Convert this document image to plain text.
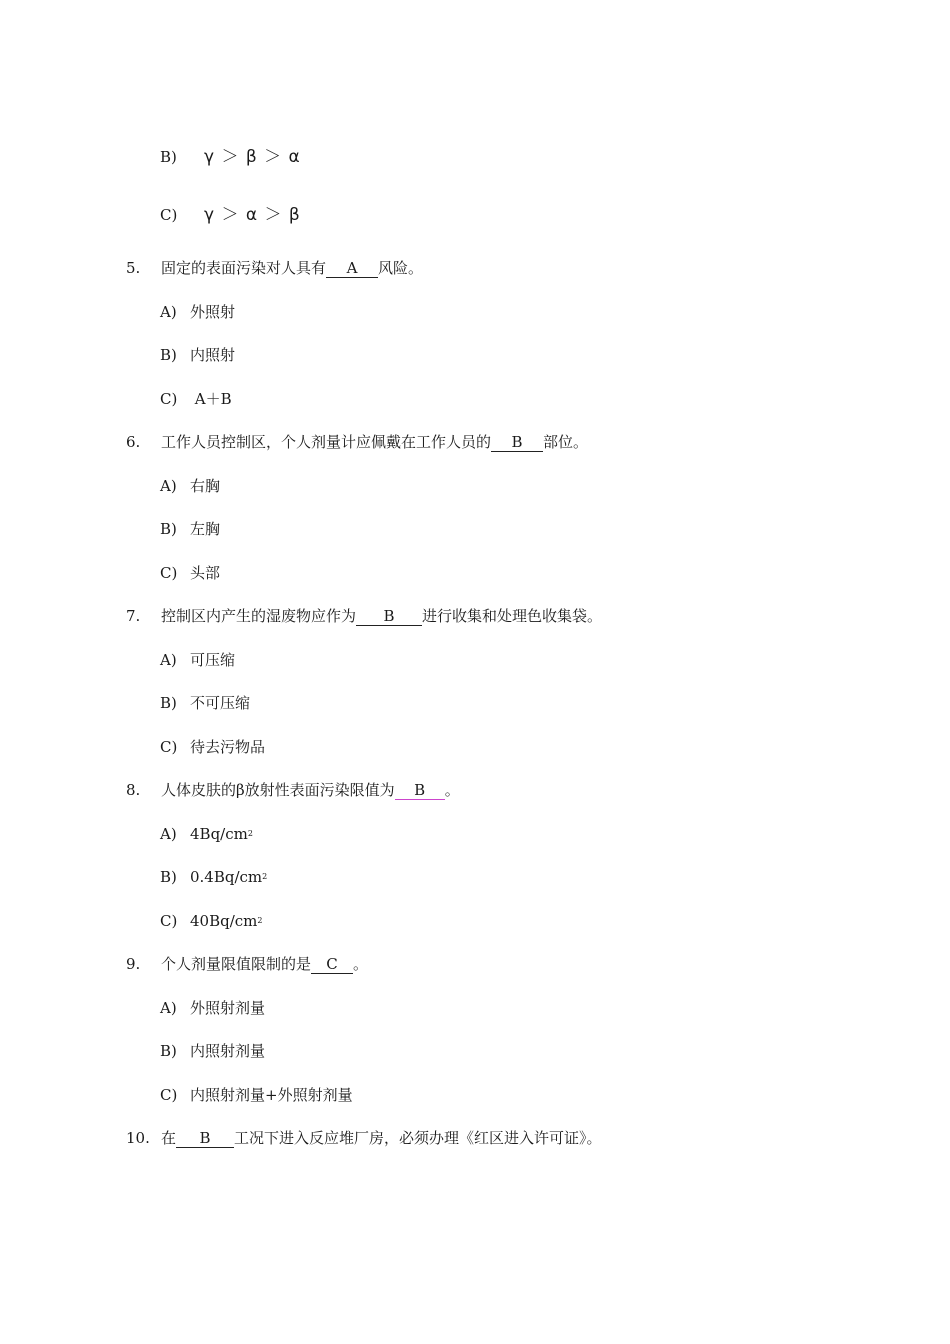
B) γ ＞ β ＞ α
C) γ ＞ α ＞ β
5. 固定的表面污染对人具有 A 风险。
A) 外照射
B) 内照射
C) A＋B
6. 工作人员控制区，个人剂量计应佩戴在工作人员的 B 部位。
A) 右胸
B) 左胸
C) 头部
7. 控制区内产生的湿废物应作为 B 进行收集和处理色收集袋。
A) 可压缩
B) 不可压缩
C) 待去污物品
8. 人体皮肤的β放射性表面污染限值为 B 。
A) $4Bq/cm^2$
B) $0.4Bq/cm^2$
C) $40Bq/cm^2$
9. 个人剂量限值限制的是 C 。
A) 外照射剂量
B) 内照射剂量
C) 内照射剂量+外照射剂量
10. 在 B 工况下进入反应堆厂房，必须办理《红区进入许可证》。
